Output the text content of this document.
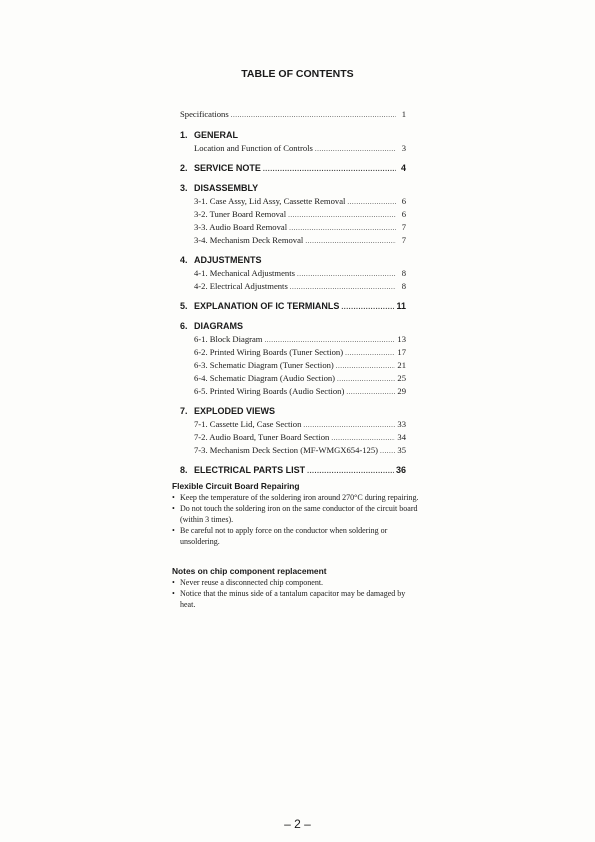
TABLE OF CONTENTS
Specifications .....	1
1. GENERAL
Location and Function of Controls .....	3
2. SERVICE NOTE .....	4
3. DISASSEMBLY
3-1. Case Assy, Lid Assy, Cassette Removal .....	6
3-2. Tuner Board Removal .....	6
3-3. Audio Board Removal .....	7
3-4. Mechanism Deck Removal .....	7
4. ADJUSTMENTS
4-1. Mechanical Adjustments .....	8
4-2. Electrical Adjustments .....	8
5. EXPLANATION OF IC TERMIANLS .....	11
6. DIAGRAMS
6-1. Block Diagram .....	13
6-2. Printed Wiring Boards (Tuner Section) .....	17
6-3. Schematic Diagram (Tuner Section) .....	21
6-4. Schematic Diagram (Audio Section) .....	25
6-5. Printed Wiring Boards (Audio Section) .....	29
7. EXPLODED VIEWS
7-1. Cassette Lid, Case Section .....	33
7-2. Audio Board, Tuner Board Section .....	34
7-3. Mechanism Deck Section (MF-WMGX654-125) ..... 35
8. ELECTRICAL PARTS LIST .....	36
Flexible Circuit Board Repairing
• Keep the temperature of the soldering iron around 270°C during repairing.
• Do not touch the soldering iron on the same conductor of the circuit board (within 3 times).
• Be careful not to apply force on the conductor when soldering or unsoldering.
Notes on chip component replacement
• Never reuse a disconnected chip component.
• Notice that the minus side of a tantalum capacitor may be damaged by heat.
– 2 –
